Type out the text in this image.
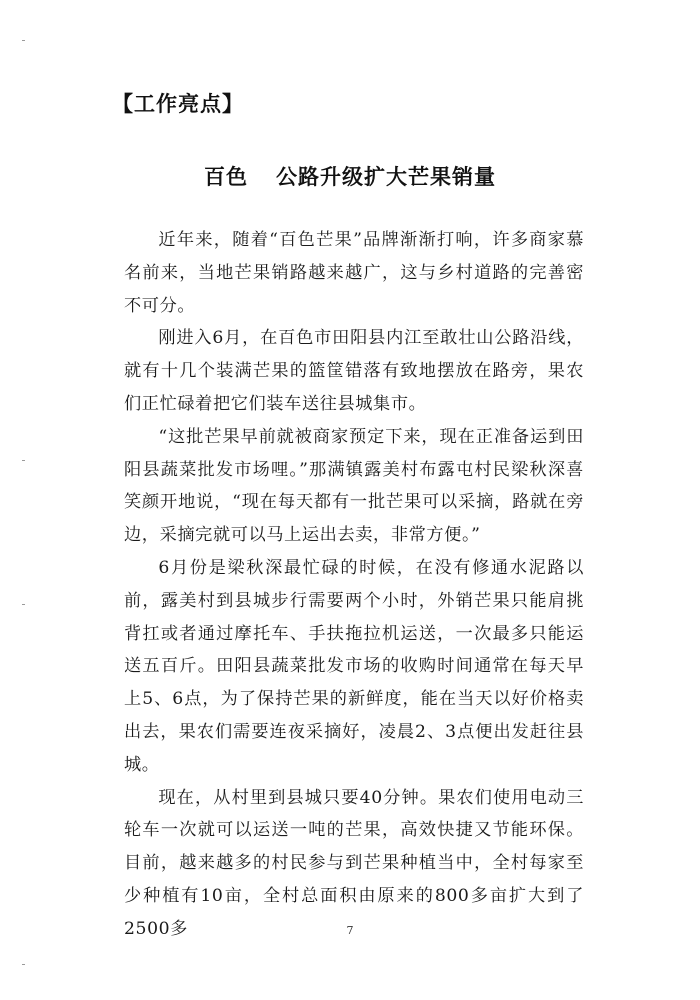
【工作亮点】
百色 公路升级扩大芒果销量

近年来，随着“百色芒果”品牌渐渐打响，许多商家慕名前来，当地芒果销路越来越广，这与乡村道路的完善密不可分。

刚进入6月，在百色市田阳县内江至敢壮山公路沿线，就有十几个装满芒果的篮筐错落有致地摆放在路旁，果农们正忙碌着把它们装车送往县城集市。

“这批芒果早前就被商家预定下来，现在正准备运到田阳县蔬菜批发市场哩。”那满镇露美村布露屯村民梁秋深喜笑颜开地说，“现在每天都有一批芒果可以采摘，路就在旁边，采摘完就可以马上运出去卖，非常方便。”

6月份是梁秋深最忙碌的时候，在没有修通水泥路以前，露美村到县城步行需要两个小时，外销芒果只能肩挑背扛或者通过摩托车、手扶拖拉机运送，一次最多只能运送五百斤。田阳县蔬菜批发市场的收购时间通常在每天早上5、6点，为了保持芒果的新鲜度，能在当天以好价格卖出去，果农们需要连夜采摘好，凌晨2、3点便出发赶往县城。

现在，从村里到县城只要40分钟。果农们使用电动三轮车一次就可以运送一吨的芒果，高效快捷又节能环保。目前，越来越多的村民参与到芒果种植当中，全村每家至少种植有10亩，全村总面积由原来的800多亩扩大到了2500多	7
